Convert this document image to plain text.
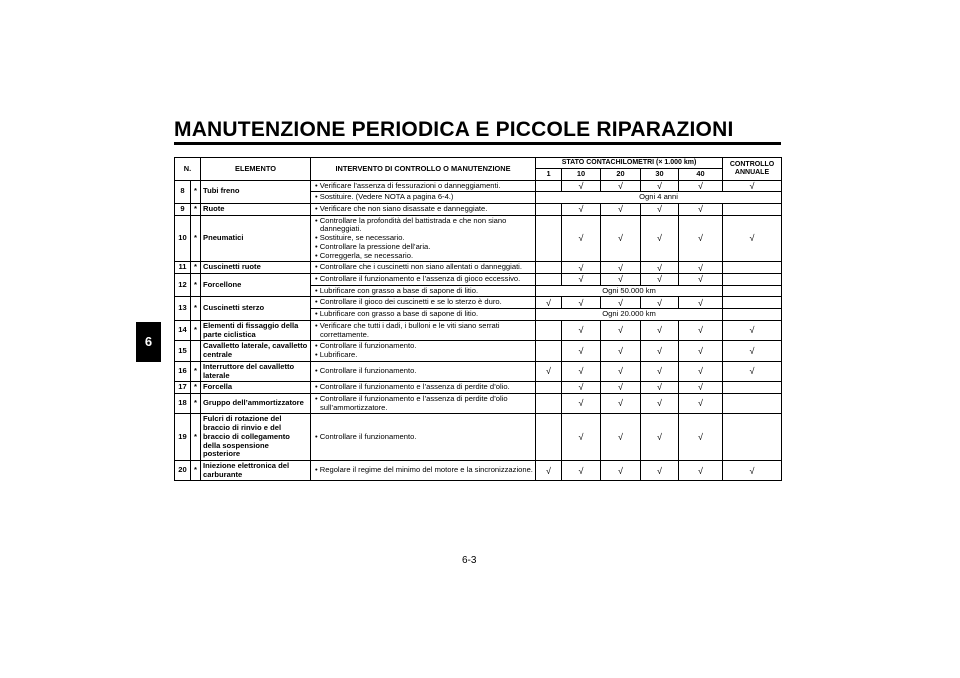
MANUTENZIONE PERIODICA E PICCOLE RIPARAZIONI
6
N.		ELEMENTO	INTERVENTO DI CONTROLLO O MANUTENZIONE	STATO CONTACHILOMETRI (× 1.000 km)					CONTROLLO ANNUALE
				1	10	20	30	40	
8	*	Tubi freno	• Verificare l’assenza di fessurazioni o danneggiamenti.		√	√	√	√	√

			• Sostituire. (Vedere NOTA a pagina 6-4.)	Ogni 4 anni					
9	*	Ruote	• Verificare che non siano disassate e danneggiate.		√	√	√	√	
10	*	Pneumatici	• Controllare la profondità del battistrada e che non siano danneggiati.
• Sostituire, se necessario.
• Controllare la pressione dell’aria.
• Correggerla, se necessario.		√	√	√	√	√
11	*	Cuscinetti ruote	• Controllare che i cuscinetti non siano allentati o danneggiati.		√	√	√	√	
12	*	Forcellone	• Controllare il funzionamento e l’assenza di gioco eccessivo.		√	√	√	√	

			• Lubrificare con grasso a base di sapone di litio.	Ogni 50.000 km					
13	*	Cuscinetti sterzo	• Controllare il gioco dei cuscinetti e se lo sterzo è duro.	√	√	√	√	√	

			• Lubrificare con grasso a base di sapone di litio.	Ogni 20.000 km					
14	*	Elementi di fissaggio della parte ciclistica	• Verificare che tutti i dadi, i bulloni e le viti siano serrati correttamente.		√	√	√	√	√
15		Cavalletto laterale, cavalletto centrale	• Controllare il funzionamento.
• Lubrificare.		√	√	√	√	√
16	*	Interruttore del cavalletto laterale	• Controllare il funzionamento.	√	√	√	√	√	√
17	*	Forcella	• Controllare il funzionamento e l’assenza di perdite d’olio.		√	√	√	√	
18	*	Gruppo dell’ammortizzatore	• Controllare il funzionamento e l’assenza di perdite d’olio sull’ammortizzatore.		√	√	√	√	
19	*	Fulcri di rotazione del braccio di rinvio e del braccio di collegamento della sospensione posteriore	• Controllare il funzionamento.		√	√	√	√	
20	*	Iniezione elettronica del carburante	• Regolare il regime del minimo del motore e la sincronizzazione.	√	√	√	√	√	√
6-3
